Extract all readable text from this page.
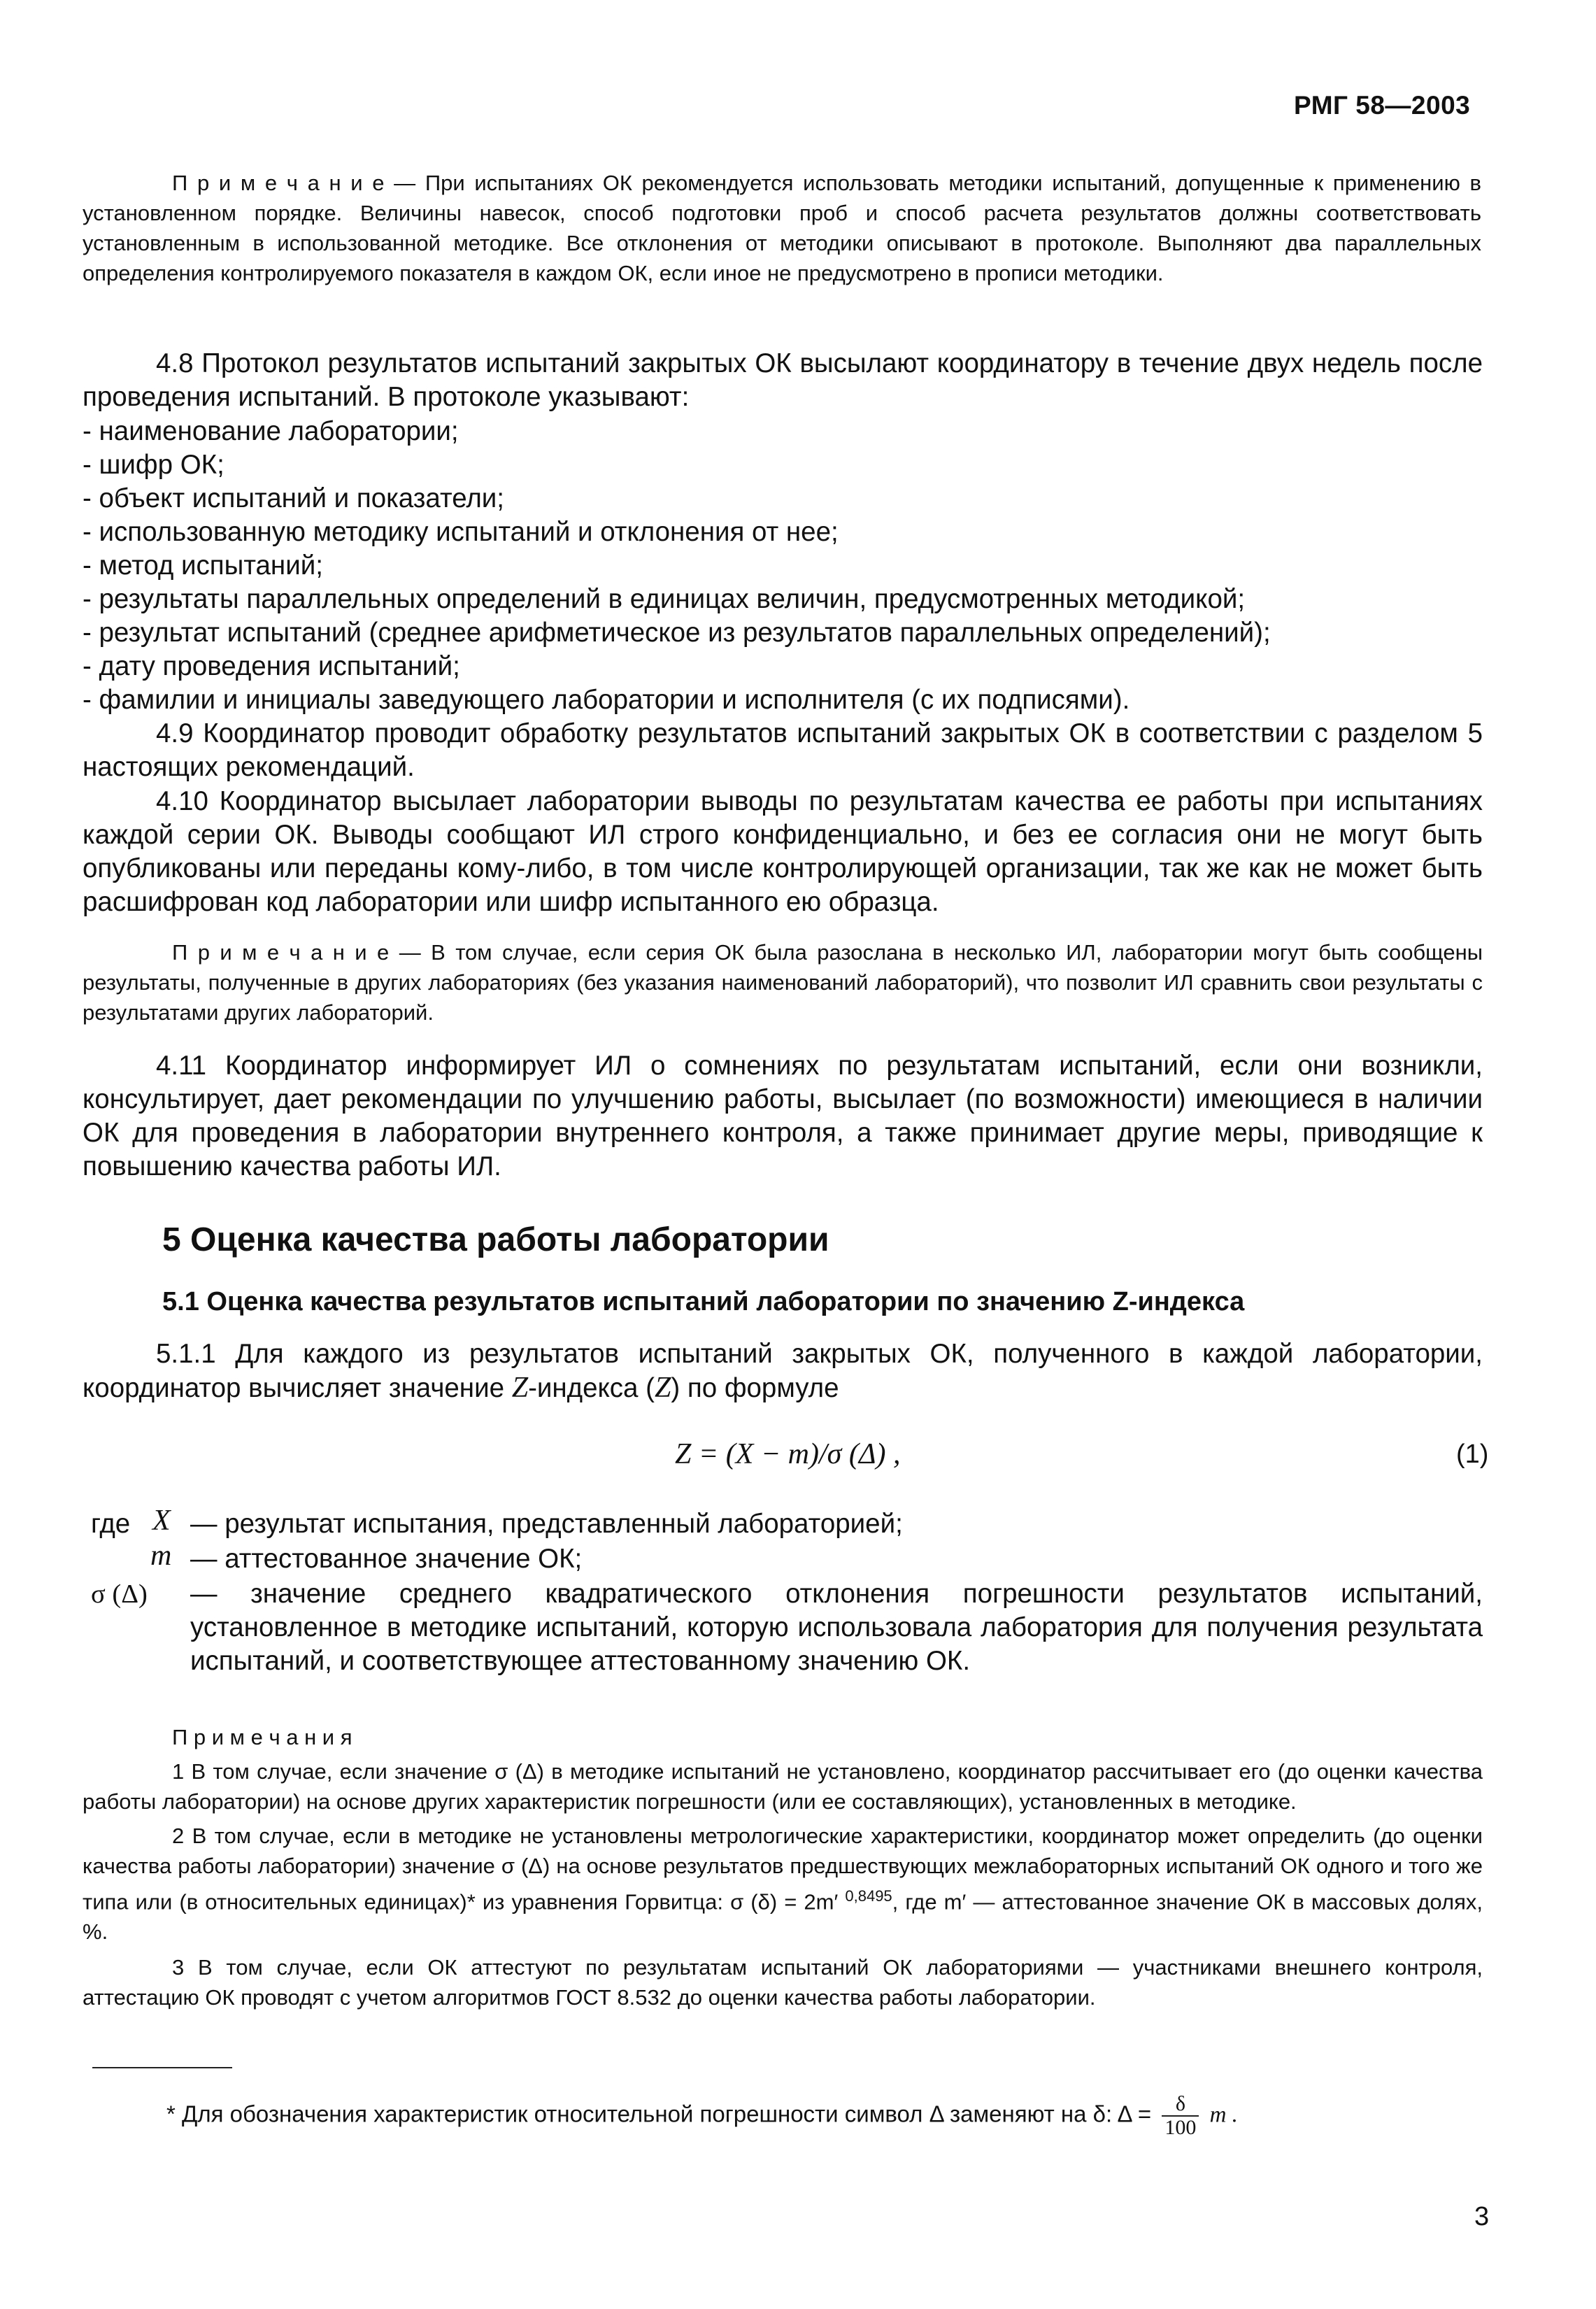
РМГ 58—2003
П р и м е ч а н и е — При испытаниях ОК рекомендуется использовать методики испытаний, допущенные к применению в установленном порядке. Величины навесок, способ подготовки проб и способ расчета результатов должны соответствовать установленным в использованной методике. Все отклонения от методики описывают в протоколе. Выполняют два параллельных определения контролируемого показателя в каждом ОК, если иное не предусмотрено в прописи методики.
4.8 Протокол результатов испытаний закрытых ОК высылают координатору в течение двух недель после проведения испытаний. В протоколе указывают:
- наименование лаборатории;
- шифр ОК;
- объект испытаний и показатели;
- использованную методику испытаний и отклонения от нее;
- метод испытаний;
- результаты параллельных определений в единицах величин, предусмотренных методикой;
- результат испытаний (среднее арифметическое из результатов параллельных определений);
- дату проведения испытаний;
- фамилии и инициалы заведующего лаборатории и исполнителя (с их подписями).
4.9 Координатор проводит обработку результатов испытаний закрытых ОК в соответствии с разделом 5 настоящих рекомендаций.
4.10 Координатор высылает лаборатории выводы по результатам качества ее работы при испытаниях каждой серии ОК. Выводы сообщают ИЛ строго конфиденциально, и без ее согласия они не могут быть опубликованы или переданы кому-либо, в том числе контролирующей организации, так же как не может быть расшифрован код лаборатории или шифр испытанного ею образца.
П р и м е ч а н и е — В том случае, если серия ОК была разослана в несколько ИЛ, лаборатории могут быть сообщены результаты, полученные в других лабораториях (без указания наименований лабораторий), что позволит ИЛ сравнить свои результаты с результатами других лабораторий.
4.11 Координатор информирует ИЛ о сомнениях по результатам испытаний, если они возникли, консультирует, дает рекомендации по улучшению работы, высылает (по возможности) имеющиеся в наличии ОК для проведения в лаборатории внутреннего контроля, а также принимает другие меры, приводящие к повышению качества работы ИЛ.
5 Оценка качества работы лаборатории
5.1 Оценка качества результатов испытаний лаборатории по значению Z-индекса
5.1.1 Для каждого из результатов испытаний закрытых ОК, полученного в каждой лаборатории, координатор вычисляет значение Z-индекса (Z) по формуле
Z = (X − m)/σ (Δ) ,	(1)
где X — результат испытания, представленный лабораторией;
m — аттестованное значение ОК;
σ (Δ) — значение среднего квадратического отклонения погрешности результатов испытаний, установленное в методике испытаний, которую использовала лаборатория для получения результата испытаний, и соответствующее аттестованному значению ОК.
П р и м е ч а н и я
1 В том случае, если значение σ (Δ) в методике испытаний не установлено, координатор рассчитывает его (до оценки качества работы лаборатории) на основе других характеристик погрешности (или ее составляющих), установленных в методике.
2 В том случае, если в методике не установлены метрологические характеристики, координатор может определить (до оценки качества работы лаборатории) значение σ (Δ) на основе результатов предшествующих межлабораторных испытаний ОК одного и того же типа или (в относительных единицах)* из уравнения Горвитца: σ (δ) = 2m′ $^{0,8495}$, где m′ — аттестованное значение ОК в массовых долях, %.
3 В том случае, если ОК аттестуют по результатам испытаний ОК лабораториями — участниками внешнего контроля, аттестацию ОК проводят с учетом алгоритмов ГОСТ 8.532 до оценки качества работы лаборатории.
* Для обозначения характеристик относительной погрешности символ Δ заменяют на δ: $\Delta = \frac{\delta}{100}$ m .
3
